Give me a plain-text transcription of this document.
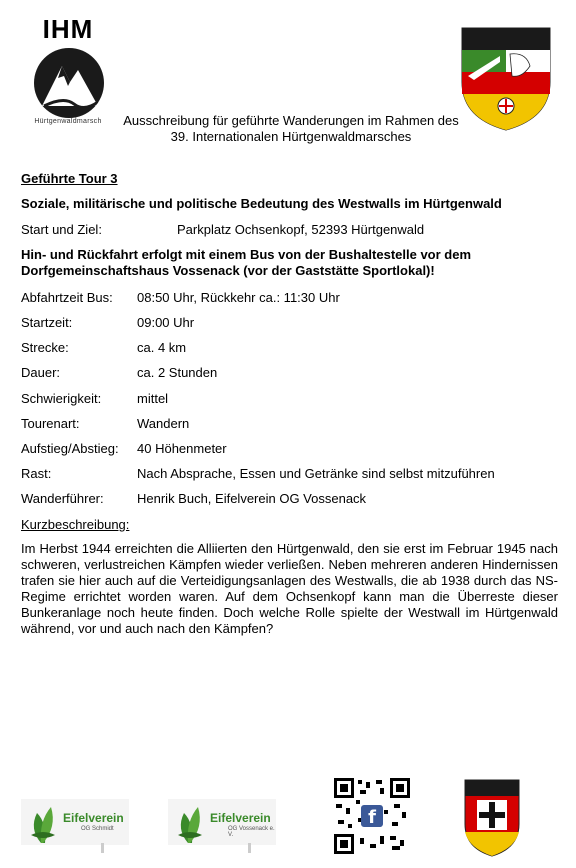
IHM
Hürtgenwaldmarsch	Ausschreibung für geführte Wanderungen im Rahmen des
39. Internationalen Hürtgenwaldmarsches
Geführte Tour 3
Soziale, militärische und politische Bedeutung des Westwalls im Hürtgenwald
Start und Ziel:	Parkplatz Ochsenkopf, 52393 Hürtgenwald
Hin- und Rückfahrt erfolgt mit einem Bus von der Bushaltestelle vor dem
Dorfgemeinschaftshaus Vossenack (vor der Gaststätte Sportlokal)!
Abfahrtzeit Bus: 08:50 Uhr, Rückkehr ca.: 11:30 Uhr
Startzeit:	09:00 Uhr
Strecke:	ca. 4 km
Dauer:	ca. 2 Stunden
Schwierigkeit:	mittel
Tourenart:	Wandern
Aufstieg/Abstieg: 40 Höhenmeter
Rast:	Nach Absprache, Essen und Getränke sind selbst mitzuführen
Wanderführer:	Henrik Buch, Eifelverein OG Vossenack
Kurzbeschreibung:
Im Herbst 1944 erreichten die Alliierten den Hürtgenwald, den sie erst im Februar 1945 nach schweren, verlustreichen Kämpfen wieder verließen. Neben mehreren anderen Hindernissen trafen sie hier auch auf die Verteidigungsanlagen des Westwalls, die ab 1938 durch das NS-Regime errichtet worden waren. Auf dem Ochsenkopf kann man die Überreste dieser Bunkeranlage noch heute finden. Doch welche Rolle spielte der Westwall im Hürtgenwald während, vor und auch nach den Kämpfen?
Eifelverein
OG Schmidt
Eifelverein
OG Vossenack e. V.
f
